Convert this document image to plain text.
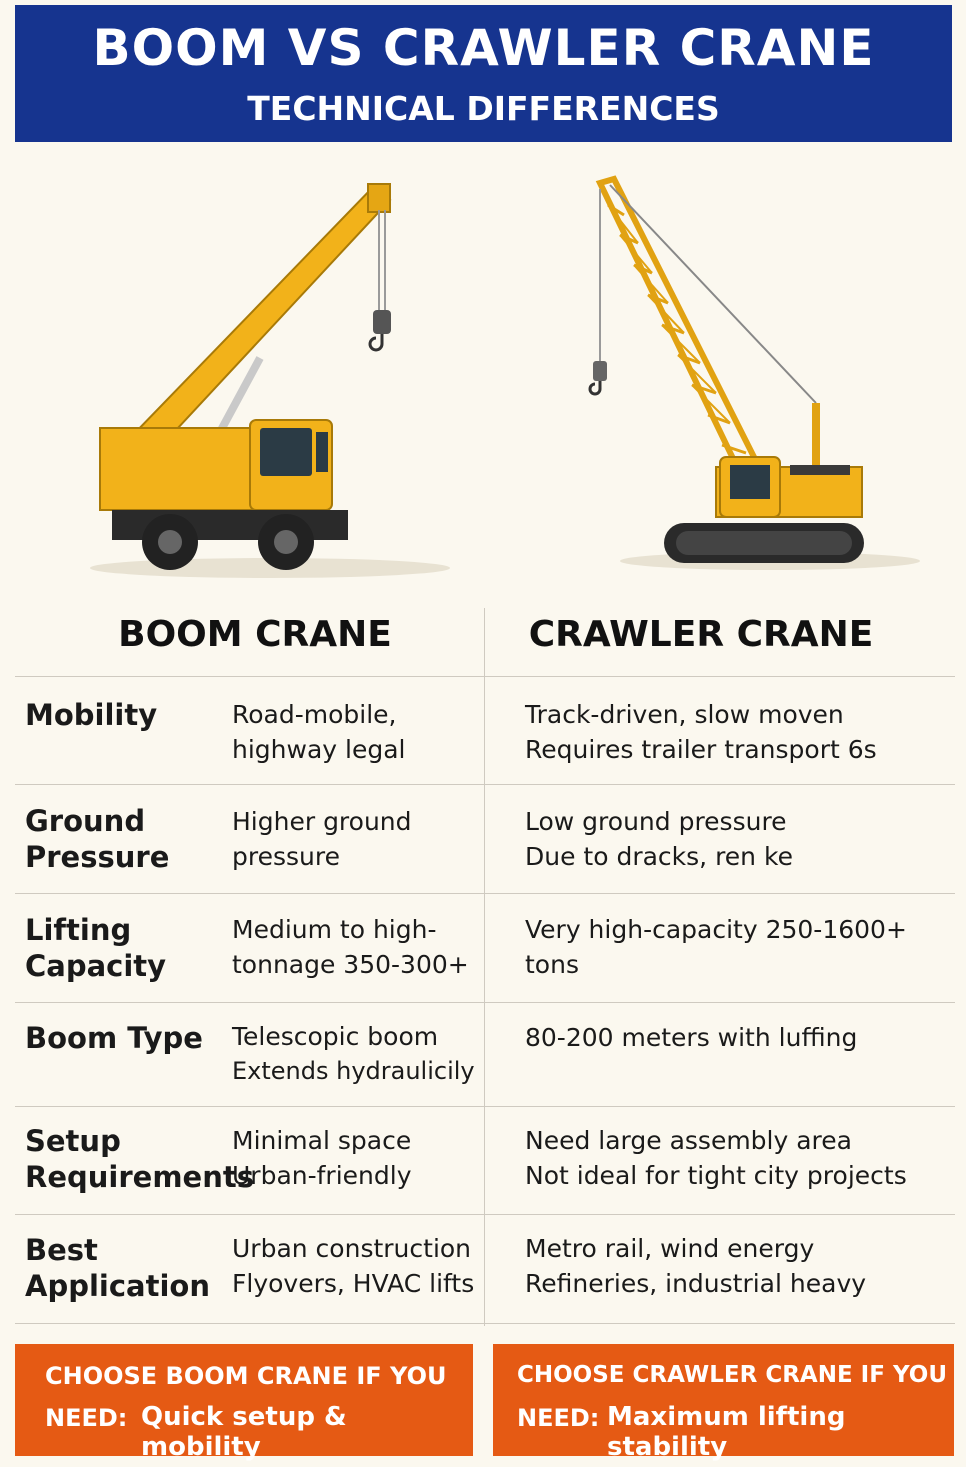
BOOM VS CRAWLER CRANE
TECHNICAL DIFFERENCES
BOOM CRANE	CRAWLER CRANE
Mobility	Road-mobile,
highway legal
Track-driven, slow moven
Requires trailer transport 6s
Ground
Pressure
Higher ground
pressure
Low ground pressure
Due to dracks, ren ke
Lifting
Capacity
Medium to high-
tonnage 350-300+
Very high-capacity 250-1600+
tons
Boom Type Telescopic boom
Extends hydraulicily
80-200 meters with luffing
Setup
Requirements
Minimal space
Urban-friendly
Need large assembly area
Not ideal for tight city projects
Best
Application
Urban construction
Flyovers, HVAC lifts
Metro rail, wind energy
Refineries, industrial heavy
CHOOSE BOOM CRANE IF YOU
NEED: Quick setup & mobility
CHOOSE CRAWLER CRANE IF YOU
NEED: Maximum lifting stability
